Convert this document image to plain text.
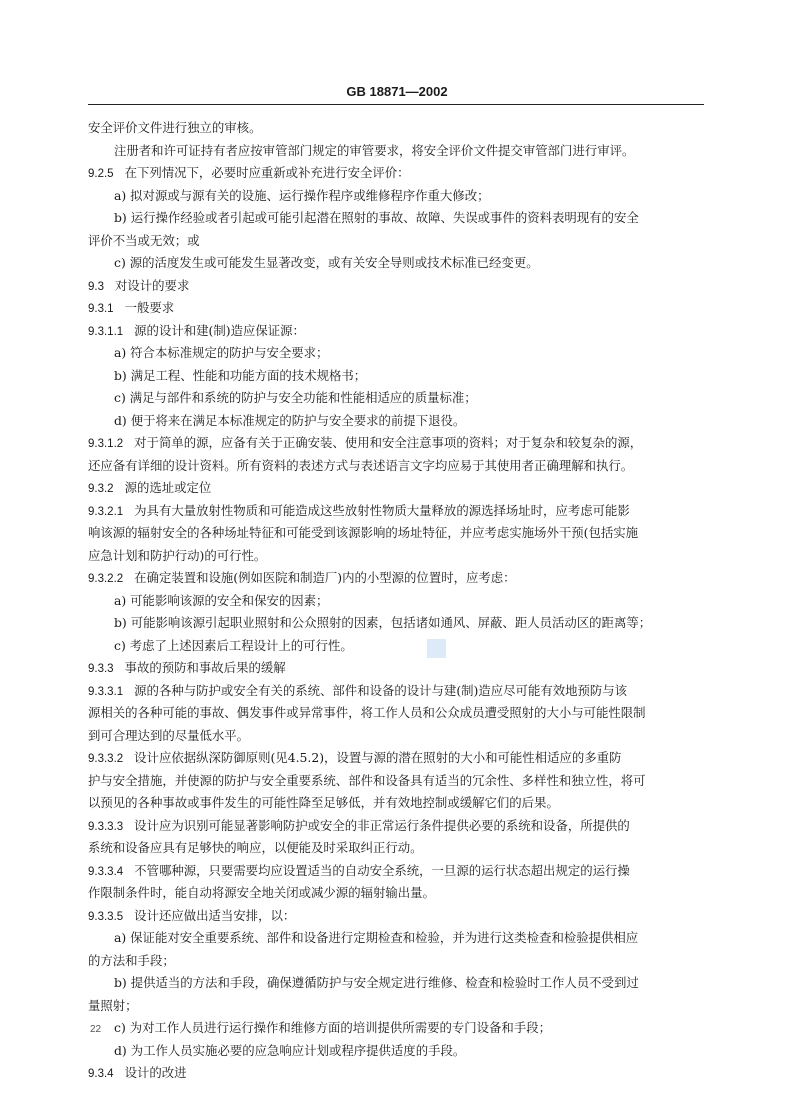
GB 18871—2002
安全评价文件进行独立的审核。
注册者和许可证持有者应按审管部门规定的审管要求，将安全评价文件提交审管部门进行审评。
9.2.5 在下列情况下，必要时应重新或补充进行安全评价：
a) 拟对源或与源有关的设施、运行操作程序或维修程序作重大修改；
b) 运行操作经验或者引起或可能引起潜在照射的事故、故障、失误或事件的资料表明现有的安全
评价不当或无效；或
c) 源的活度发生或可能发生显著改变，或有关安全导则或技术标准已经变更。
9.3 对设计的要求
9.3.1 一般要求
9.3.1.1 源的设计和建(制)造应保证源：
a) 符合本标准规定的防护与安全要求；
b) 满足工程、性能和功能方面的技术规格书；
c) 满足与部件和系统的防护与安全功能和性能相适应的质量标准；
d) 便于将来在满足本标准规定的防护与安全要求的前提下退役。
9.3.1.2 对于简单的源，应备有关于正确安装、使用和安全注意事项的资料；对于复杂和较复杂的源，
还应备有详细的设计资料。所有资料的表述方式与表述语言文字均应易于其使用者正确理解和执行。
9.3.2 源的选址或定位
9.3.2.1 为具有大量放射性物质和可能造成这些放射性物质大量释放的源选择场址时，应考虑可能影
响该源的辐射安全的各种场址特征和可能受到该源影响的场址特征，并应考虑实施场外干预(包括实施
应急计划和防护行动)的可行性。
9.3.2.2 在确定装置和设施(例如医院和制造厂)内的小型源的位置时，应考虑：
a) 可能影响该源的安全和保安的因素；
b) 可能影响该源引起职业照射和公众照射的因素，包括诸如通风、屏蔽、距人员活动区的距离等；
c) 考虑了上述因素后工程设计上的可行性。
9.3.3 事故的预防和事故后果的缓解
9.3.3.1 源的各种与防护或安全有关的系统、部件和设备的设计与建(制)造应尽可能有效地预防与该
源相关的各种可能的事故、偶发事件或异常事件，将工作人员和公众成员遭受照射的大小与可能性限制
到可合理达到的尽量低水平。
9.3.3.2 设计应依据纵深防御原则(见4.5.2)，设置与源的潜在照射的大小和可能性相适应的多重防
护与安全措施，并使源的防护与安全重要系统、部件和设备具有适当的冗余性、多样性和独立性，将可
以预见的各种事故或事件发生的可能性降至足够低，并有效地控制或缓解它们的后果。
9.3.3.3 设计应为识别可能显著影响防护或安全的非正常运行条件提供必要的系统和设备，所提供的
系统和设备应具有足够快的响应，以便能及时采取纠正行动。
9.3.3.4 不管哪种源，只要需要均应设置适当的自动安全系统，一旦源的运行状态超出规定的运行操
作限制条件时，能自动将源安全地关闭或减少源的辐射输出量。
9.3.3.5 设计还应做出适当安排，以：
a) 保证能对安全重要系统、部件和设备进行定期检查和检验，并为进行这类检查和检验提供相应
的方法和手段；
b) 提供适当的方法和手段，确保遵循防护与安全规定进行维修、检查和检验时工作人员不受到过
量照射；
c) 为对工作人员进行运行操作和维修方面的培训提供所需要的专门设备和手段；
d) 为工作人员实施必要的应急响应计划或程序提供适度的手段。
9.3.4 设计的改进
22
